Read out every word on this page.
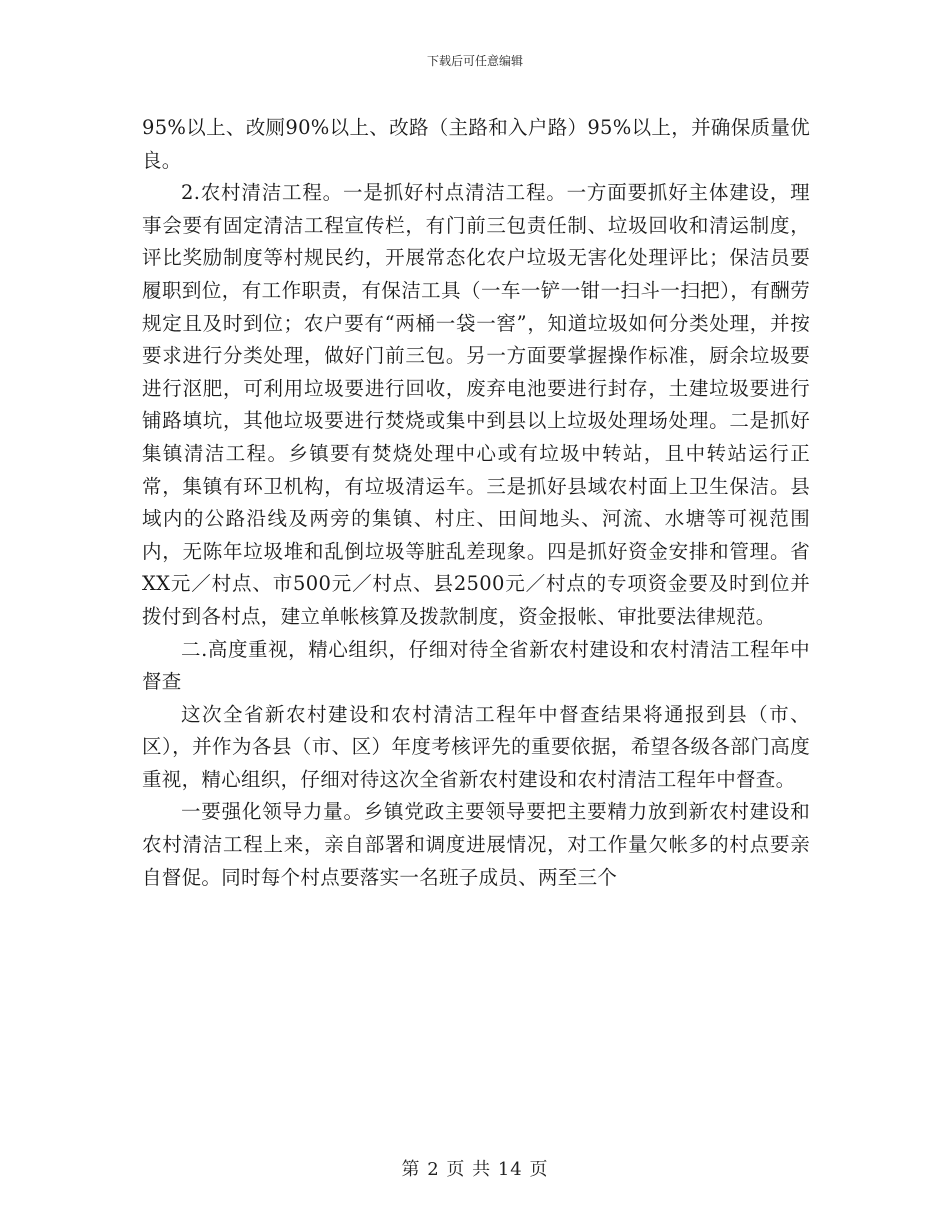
下载后可任意编辑

95%以上、改厕90%以上、改路（主路和入户路）95%以上，并确保质量优良。

2.农村清洁工程。一是抓好村点清洁工程。一方面要抓好主体建设，理事会要有固定清洁工程宣传栏，有门前三包责任制、垃圾回收和清运制度，评比奖励制度等村规民约，开展常态化农户垃圾无害化处理评比；保洁员要履职到位，有工作职责，有保洁工具（一车一铲一钳一扫斗一扫把），有酬劳规定且及时到位；农户要有“两桶一袋一窖”，知道垃圾如何分类处理，并按要求进行分类处理，做好门前三包。另一方面要掌握操作标准，厨余垃圾要进行沤肥，可利用垃圾要进行回收，废弃电池要进行封存，土建垃圾要进行铺路填坑，其他垃圾要进行焚烧或集中到县以上垃圾处理场处理。二是抓好集镇清洁工程。乡镇要有焚烧处理中心或有垃圾中转站，且中转站运行正常，集镇有环卫机构，有垃圾清运车。三是抓好县域农村面上卫生保洁。县域内的公路沿线及两旁的集镇、村庄、田间地头、河流、水塘等可视范围内，无陈年垃圾堆和乱倒垃圾等脏乱差现象。四是抓好资金安排和管理。省XX元／村点、市500元／村点、县2500元／村点的专项资金要及时到位并拨付到各村点，建立单帐核算及拨款制度，资金报帐、审批要法律规范。

二.高度重视，精心组织，仔细对待全省新农村建设和农村清洁工程年中督查

这次全省新农村建设和农村清洁工程年中督查结果将通报到县（市、区），并作为各县（市、区）年度考核评先的重要依据，希望各级各部门高度重视，精心组织，仔细对待这次全省新农村建设和农村清洁工程年中督查。

一要强化领导力量。乡镇党政主要领导要把主要精力放到新农村建设和农村清洁工程上来，亲自部署和调度进展情况，对工作量欠帐多的村点要亲自督促。同时每个村点要落实一名班子成员、两至三个

第 2 页 共 14 页
